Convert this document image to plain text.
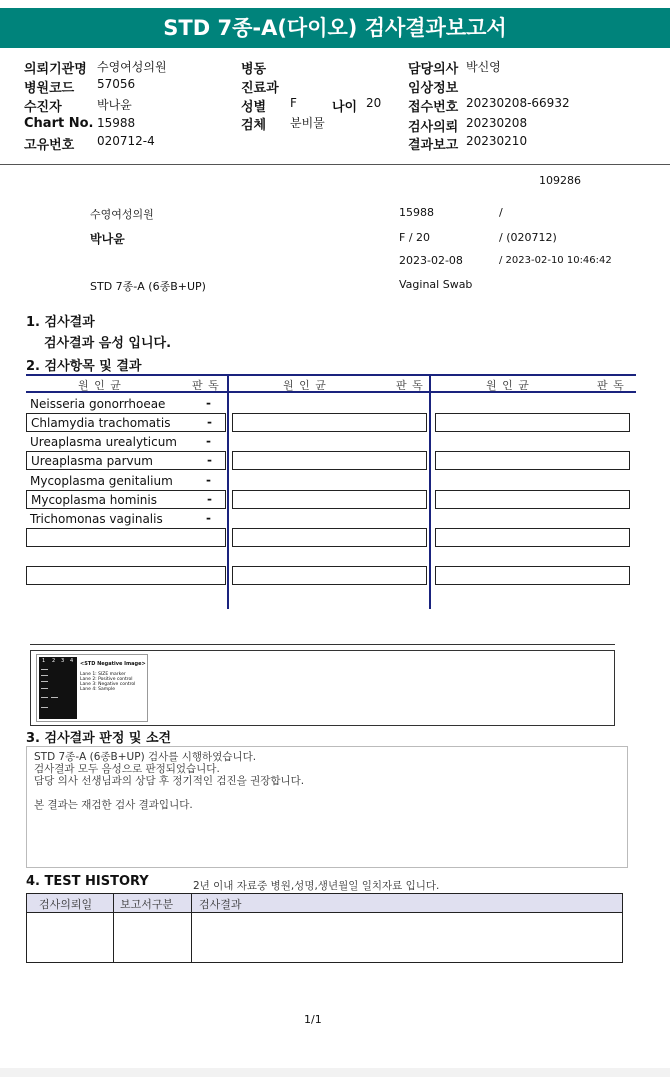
STD 7종-A(다이오) 검사결과보고서
의뢰기관명 수영여성의원
병원코드 57056
수진자	박나윤
Chart No. 15988
고유번호 020712-4
병동
진료과
성별 F	나이 20
검체 분비물
담당의사 박신영
임상정보
접수번호 20230208-66932
검사의뢰 20230208
결과보고 20230210
109286
수영여성의원	15988	/
박나윤	F / 20	/ (020712)
2023-02-08	/ 2023-02-10 10:46:42
STD 7종-A (6종B+UP)	Vaginal Swab
1. 검사결과
검사결과 음성 입니다.
2. 검사항목 및 결과
원 인 균	판 독	원 인 균	판 독	원 인 균	판 독
Neisseria gonorrhoeae	-
Chlamydia trachomatis	-
Ureaplasma urealyticum -
Ureaplasma parvum	-
Mycoplasma genitalium	-
Mycoplasma hominis	-
Trichomonas vaginalis	-
1 2 3 4 <STD Negative Image>
Lane 1: SIZE marker
Lane 2: Positive control
Lane 3: Negative control
Lane 4: Sample
3. 검사결과 판정 및 소견
STD 7종-A (6종B+UP) 검사를 시행하였습니다.
검사결과 모두 음성으로 판정되었습니다.
담당 의사 선생님과의 상담 후 정기적인 검진을 권장합니다.
본 결과는 재검한 검사 결과입니다.
4. TEST HISTORY	2년 이내 자료중 병원,성명,생년월일 일치자료 입니다.
검사의뢰일	보고서구분 검사결과
1/1
